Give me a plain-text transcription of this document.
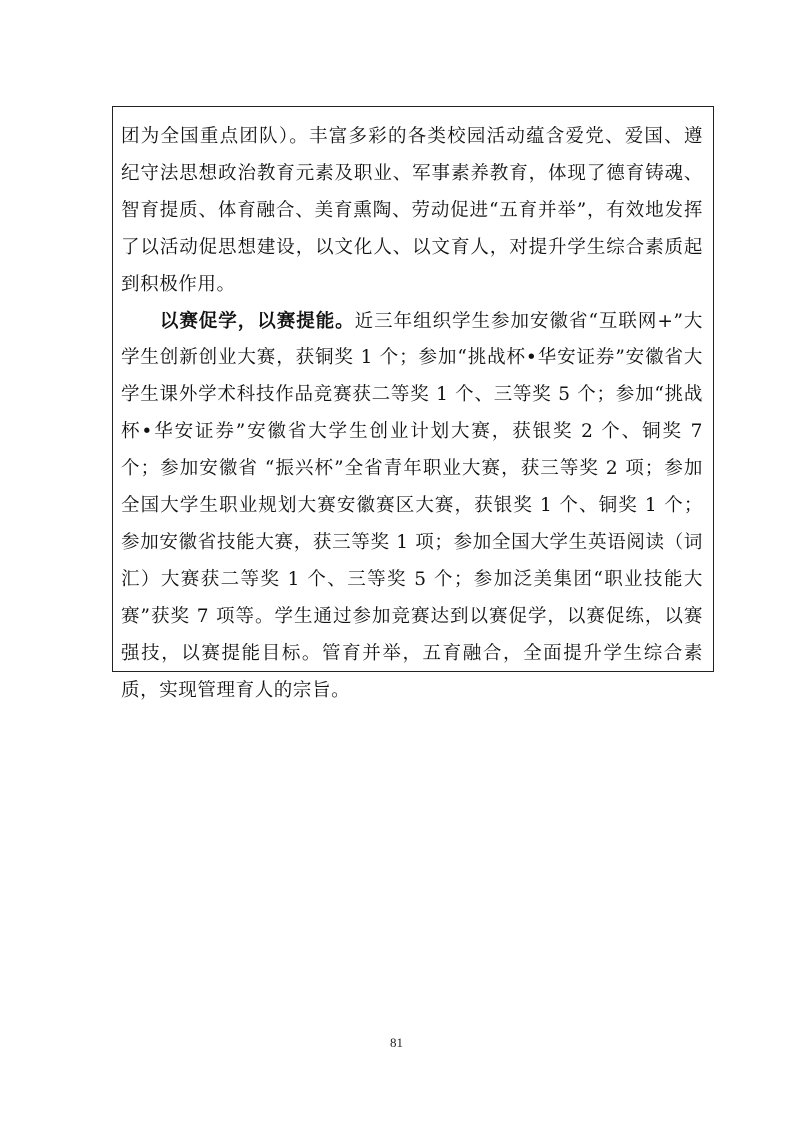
团为全国重点团队）。丰富多彩的各类校园活动蕴含爱党、爱国、遵纪守法思想政治教育元素及职业、军事素养教育，体现了德育铸魂、智育提质、体育融合、美育熏陶、劳动促进“五育并举”，有效地发挥了以活动促思想建设，以文化人、以文育人，对提升学生综合素质起到积极作用。

以赛促学，以赛提能。近三年组织学生参加安徽省“互联网+”大学生创新创业大赛，获铜奖 1 个；参加“挑战杯•华安证券”安徽省大学生课外学术科技作品竞赛获二等奖 1 个、三等奖 5 个；参加“挑战杯•华安证券”安徽省大学生创业计划大赛，获银奖 2 个、铜奖 7 个；参加安徽省 “振兴杯”全省青年职业大赛，获三等奖 2 项；参加全国大学生职业规划大赛安徽赛区大赛，获银奖 1 个、铜奖 1 个；参加安徽省技能大赛，获三等奖 1 项；参加全国大学生英语阅读（词汇）大赛获二等奖 1 个、三等奖 5 个；参加泛美集团“职业技能大赛”获奖 7 项等。学生通过参加竞赛达到以赛促学，以赛促练，以赛强技，以赛提能目标。管育并举，五育融合，全面提升学生综合素质，实现管理育人的宗旨。

81
